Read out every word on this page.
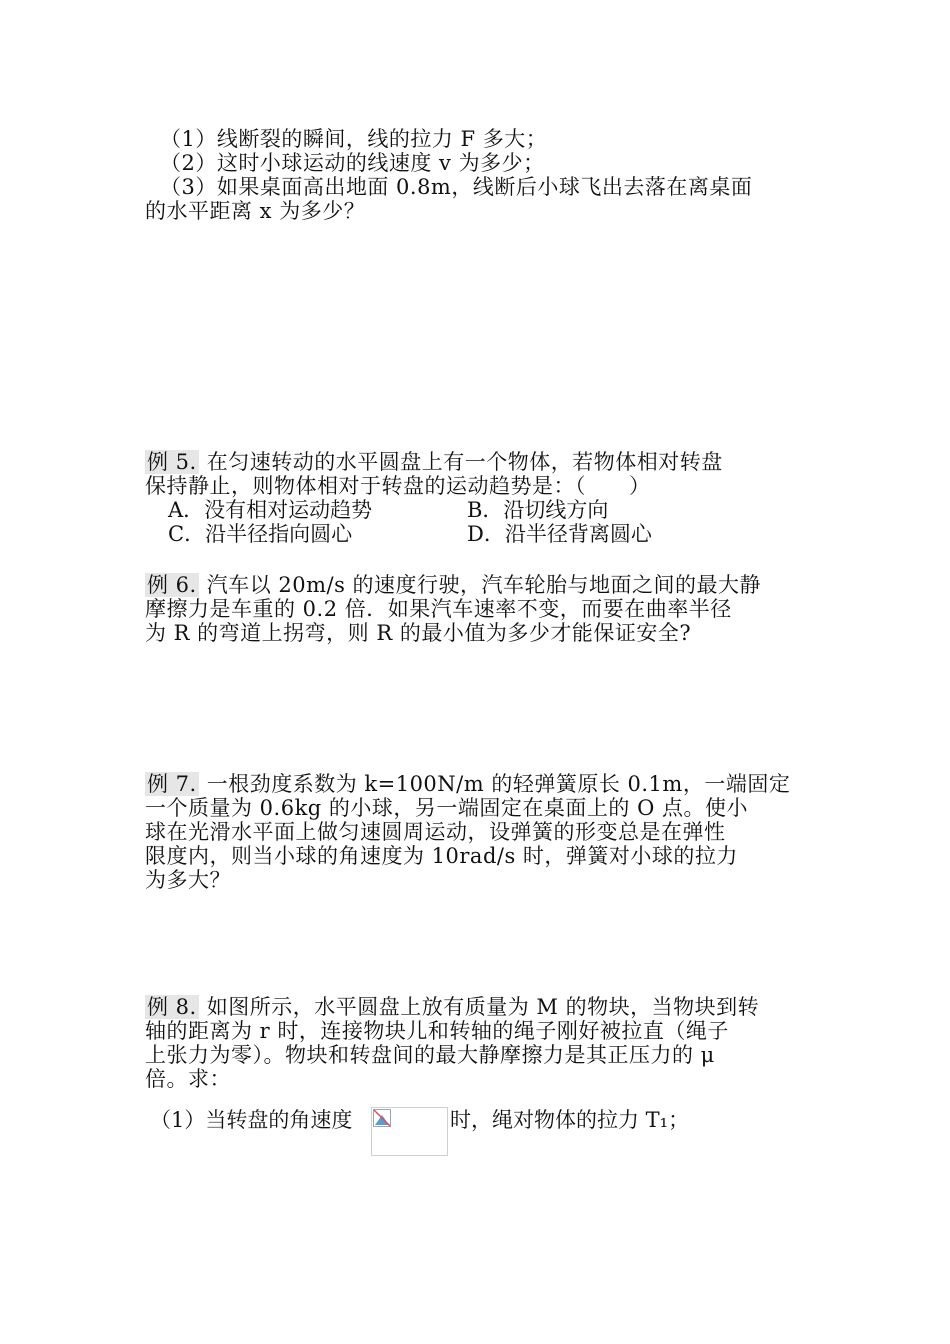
（1）线断裂的瞬间，线的拉力 F 多大；
（2）这时小球运动的线速度 v 为多少；
（3）如果桌面高出地面 0.8m，线断后小球飞出去落在离桌面
的水平距离 x 为多少？
例 5. 在匀速转动的水平圆盘上有一个物体，若物体相对转盘
保持静止，则物体相对于转盘的运动趋势是：（　　）
A．没有相对运动趋势	B．沿切线方向
C．沿半径指向圆心	D．沿半径背离圆心
例 6. 汽车以 20m/s 的速度行驶，汽车轮胎与地面之间的最大静
摩擦力是车重的 0.2 倍．如果汽车速率不变，而要在曲率半径
为 R 的弯道上拐弯，则 R 的最小值为多少才能保证安全?
例 7. 一根劲度系数为 k=100N/m 的轻弹簧原长 0.1m，一端固定
一个质量为 0.6kg 的小球，另一端固定在桌面上的 O 点。使小
球在光滑水平面上做匀速圆周运动，设弹簧的形变总是在弹性
限度内，则当小球的角速度为 10rad/s 时，弹簧对小球的拉力
为多大？
例 8. 如图所示，水平圆盘上放有质量为 M 的物块，当物块到转
轴的距离为 r 时，连接物块儿和转轴的绳子刚好被拉直（绳子
上张力为零）。物块和转盘间的最大静摩擦力是其正压力的 μ
倍。求：
（1）当转盘的角速度	时，绳对物体的拉力 T₁；
